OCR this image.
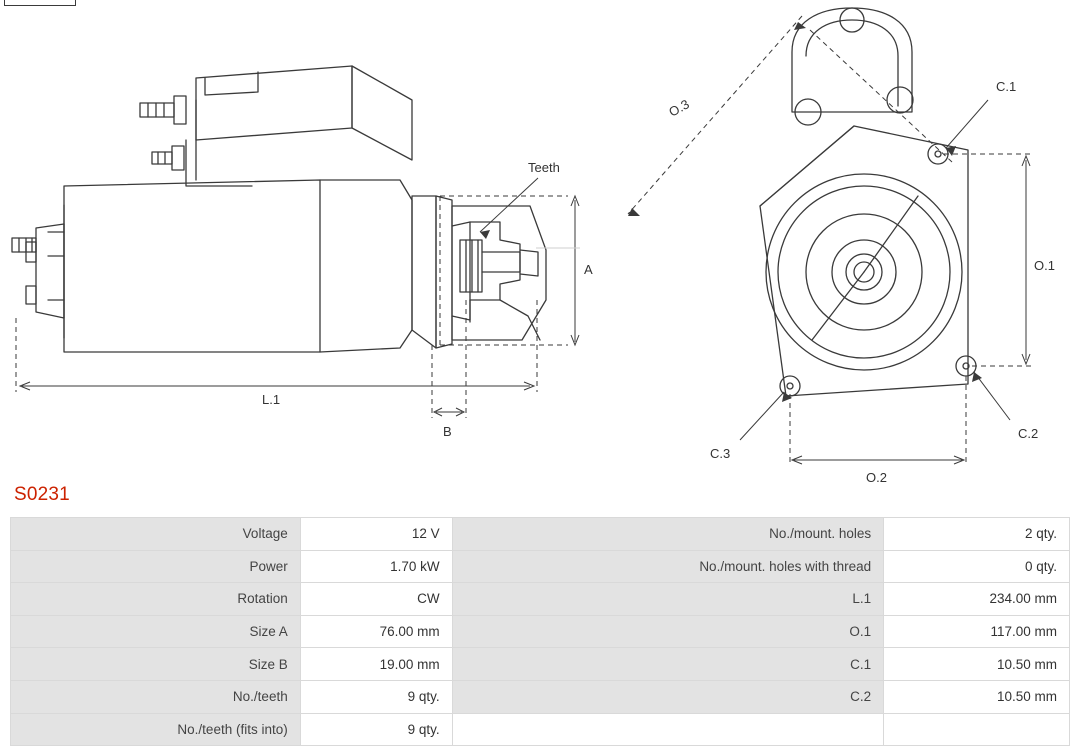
Teeth
A
B
L.1
O.3
O.1
O.2
C.1
C.2
C.3
S0231
Voltage	12 V	No./mount. holes	2 qty.
Power	1.70 kW	No./mount. holes with thread	0 qty.
Rotation	CW	L.1	234.00 mm
Size A	76.00 mm	O.1	117.00 mm
Size B	19.00 mm	C.1	10.50 mm
No./teeth	9 qty.	C.2	10.50 mm
No./teeth (fits into)	9 qty.		
